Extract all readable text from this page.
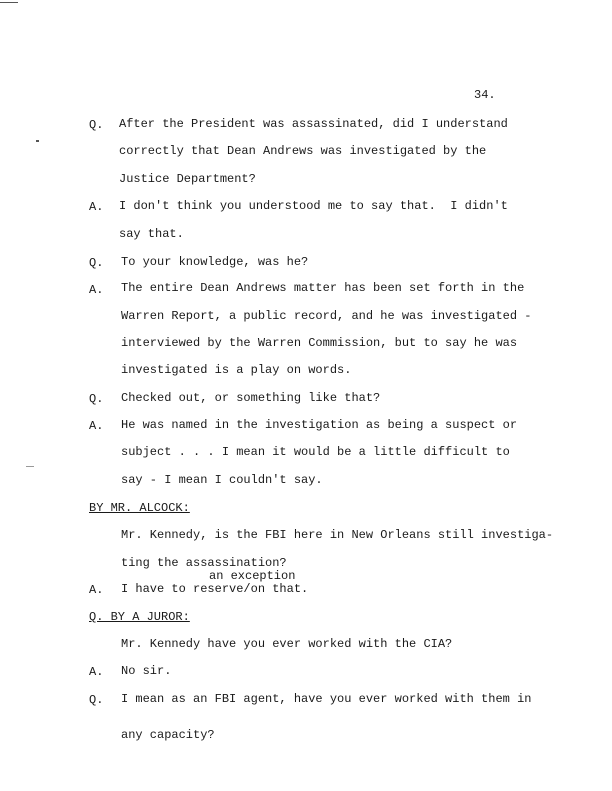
34.
Q. After the President was assassinated, did I understand
correctly that Dean Andrews was investigated by the
Justice Department?
A. I don't think you understood me to say that.  I didn't
say that.
Q. To your knowledge, was he?
A. The entire Dean Andrews matter has been set forth in the
Warren Report, a public record, and he was investigated -
interviewed by the Warren Commission, but to say he was
investigated is a play on words.
Q. Checked out, or something like that?
A. He was named in the investigation as being a suspect or
subject . . . I mean it would be a little difficult to
say - I mean I couldn't say.
BY MR. ALCOCK:
Mr. Kennedy, is the FBI here in New Orleans still investiga-
ting the assassination?
an exception
A. I have to reserve/on that.
Q. BY A JUROR:
Mr. Kennedy have you ever worked with the CIA?
A. No sir.
Q. I mean as an FBI agent, have you ever worked with them in
any capacity?
